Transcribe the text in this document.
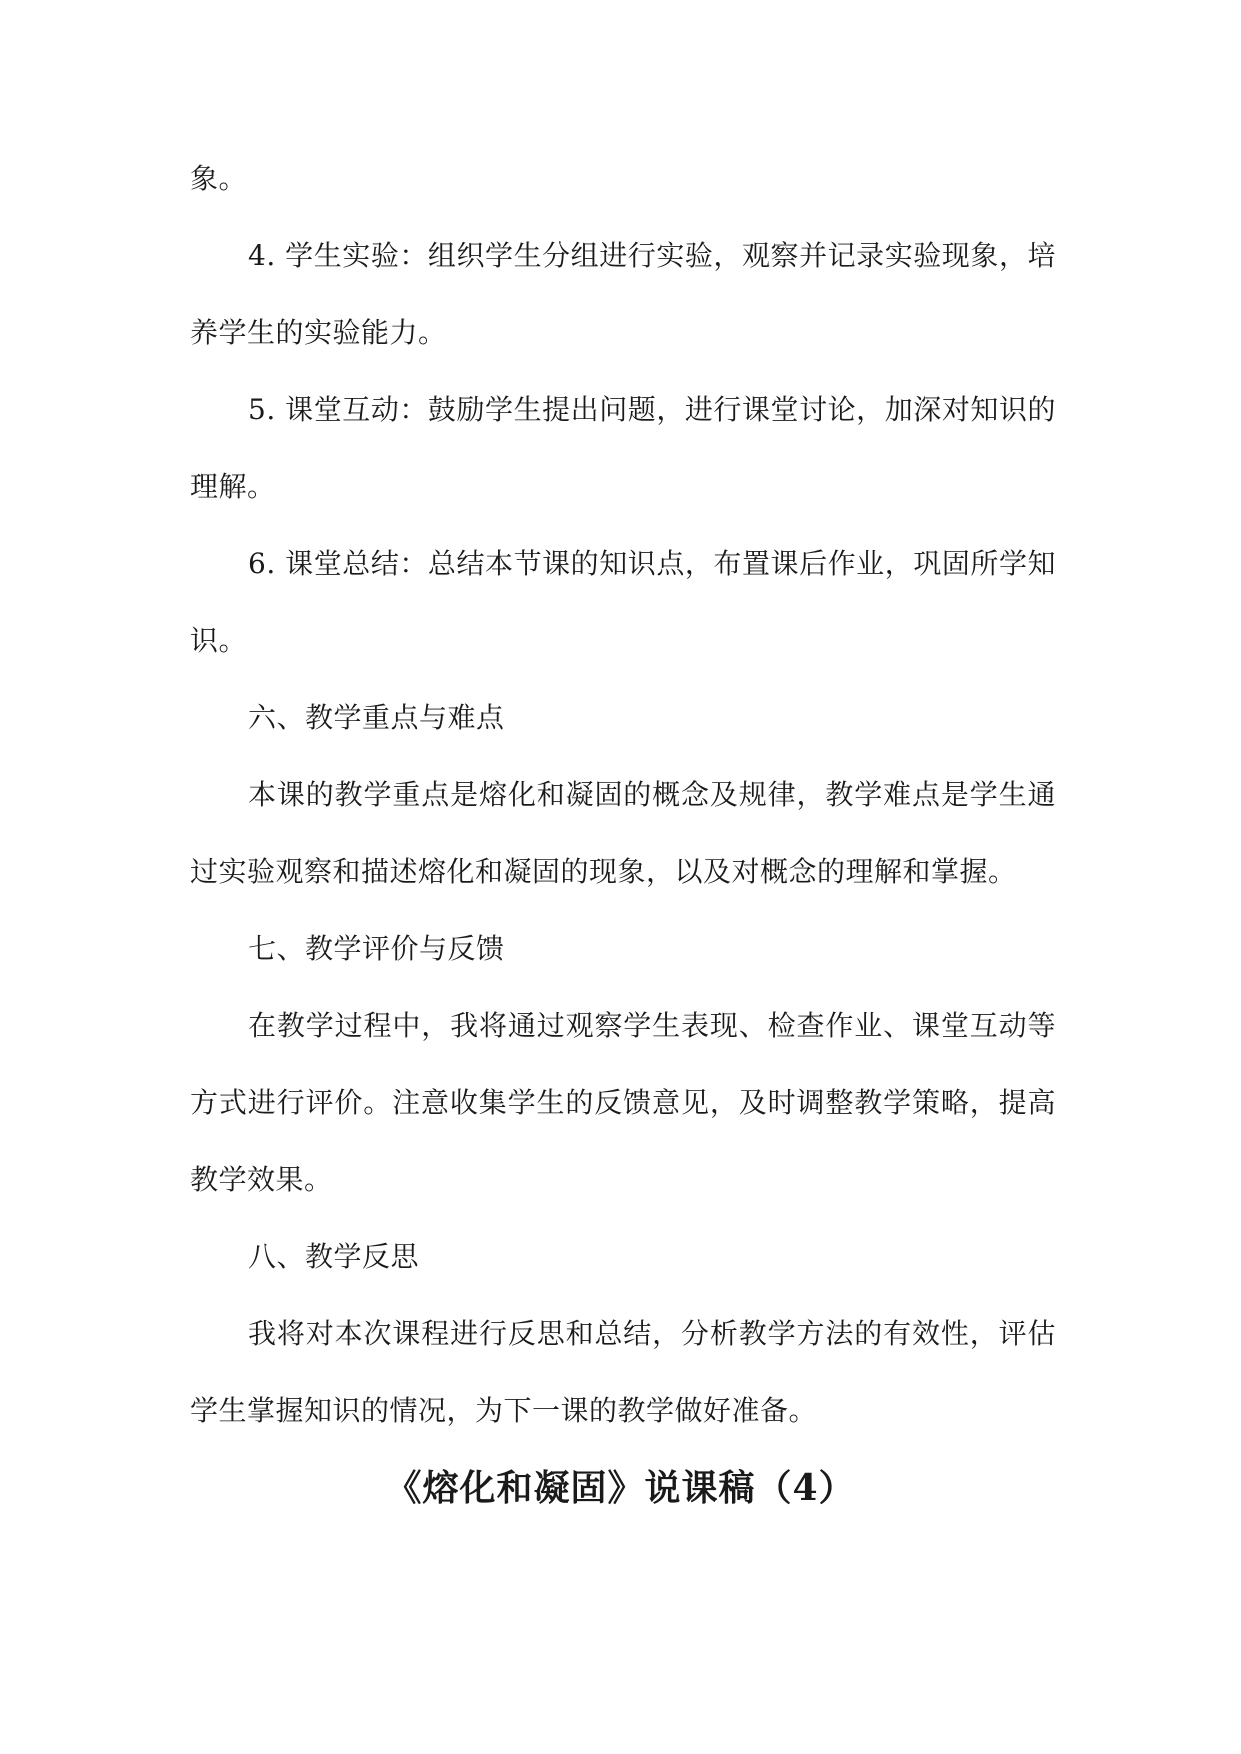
象。

4. 学生实验：组织学生分组进行实验，观察并记录实验现象，培养学生的实验能力。

5. 课堂互动：鼓励学生提出问题，进行课堂讨论，加深对知识的理解。

6. 课堂总结：总结本节课的知识点，布置课后作业，巩固所学知识。

六、教学重点与难点

本课的教学重点是熔化和凝固的概念及规律，教学难点是学生通过实验观察和描述熔化和凝固的现象，以及对概念的理解和掌握。

七、教学评价与反馈

在教学过程中，我将通过观察学生表现、检查作业、课堂互动等方式进行评价。注意收集学生的反馈意见，及时调整教学策略，提高教学效果。

八、教学反思

我将对本次课程进行反思和总结，分析教学方法的有效性，评估学生掌握知识的情况，为下一课的教学做好准备。

《熔化和凝固》说课稿（4）
